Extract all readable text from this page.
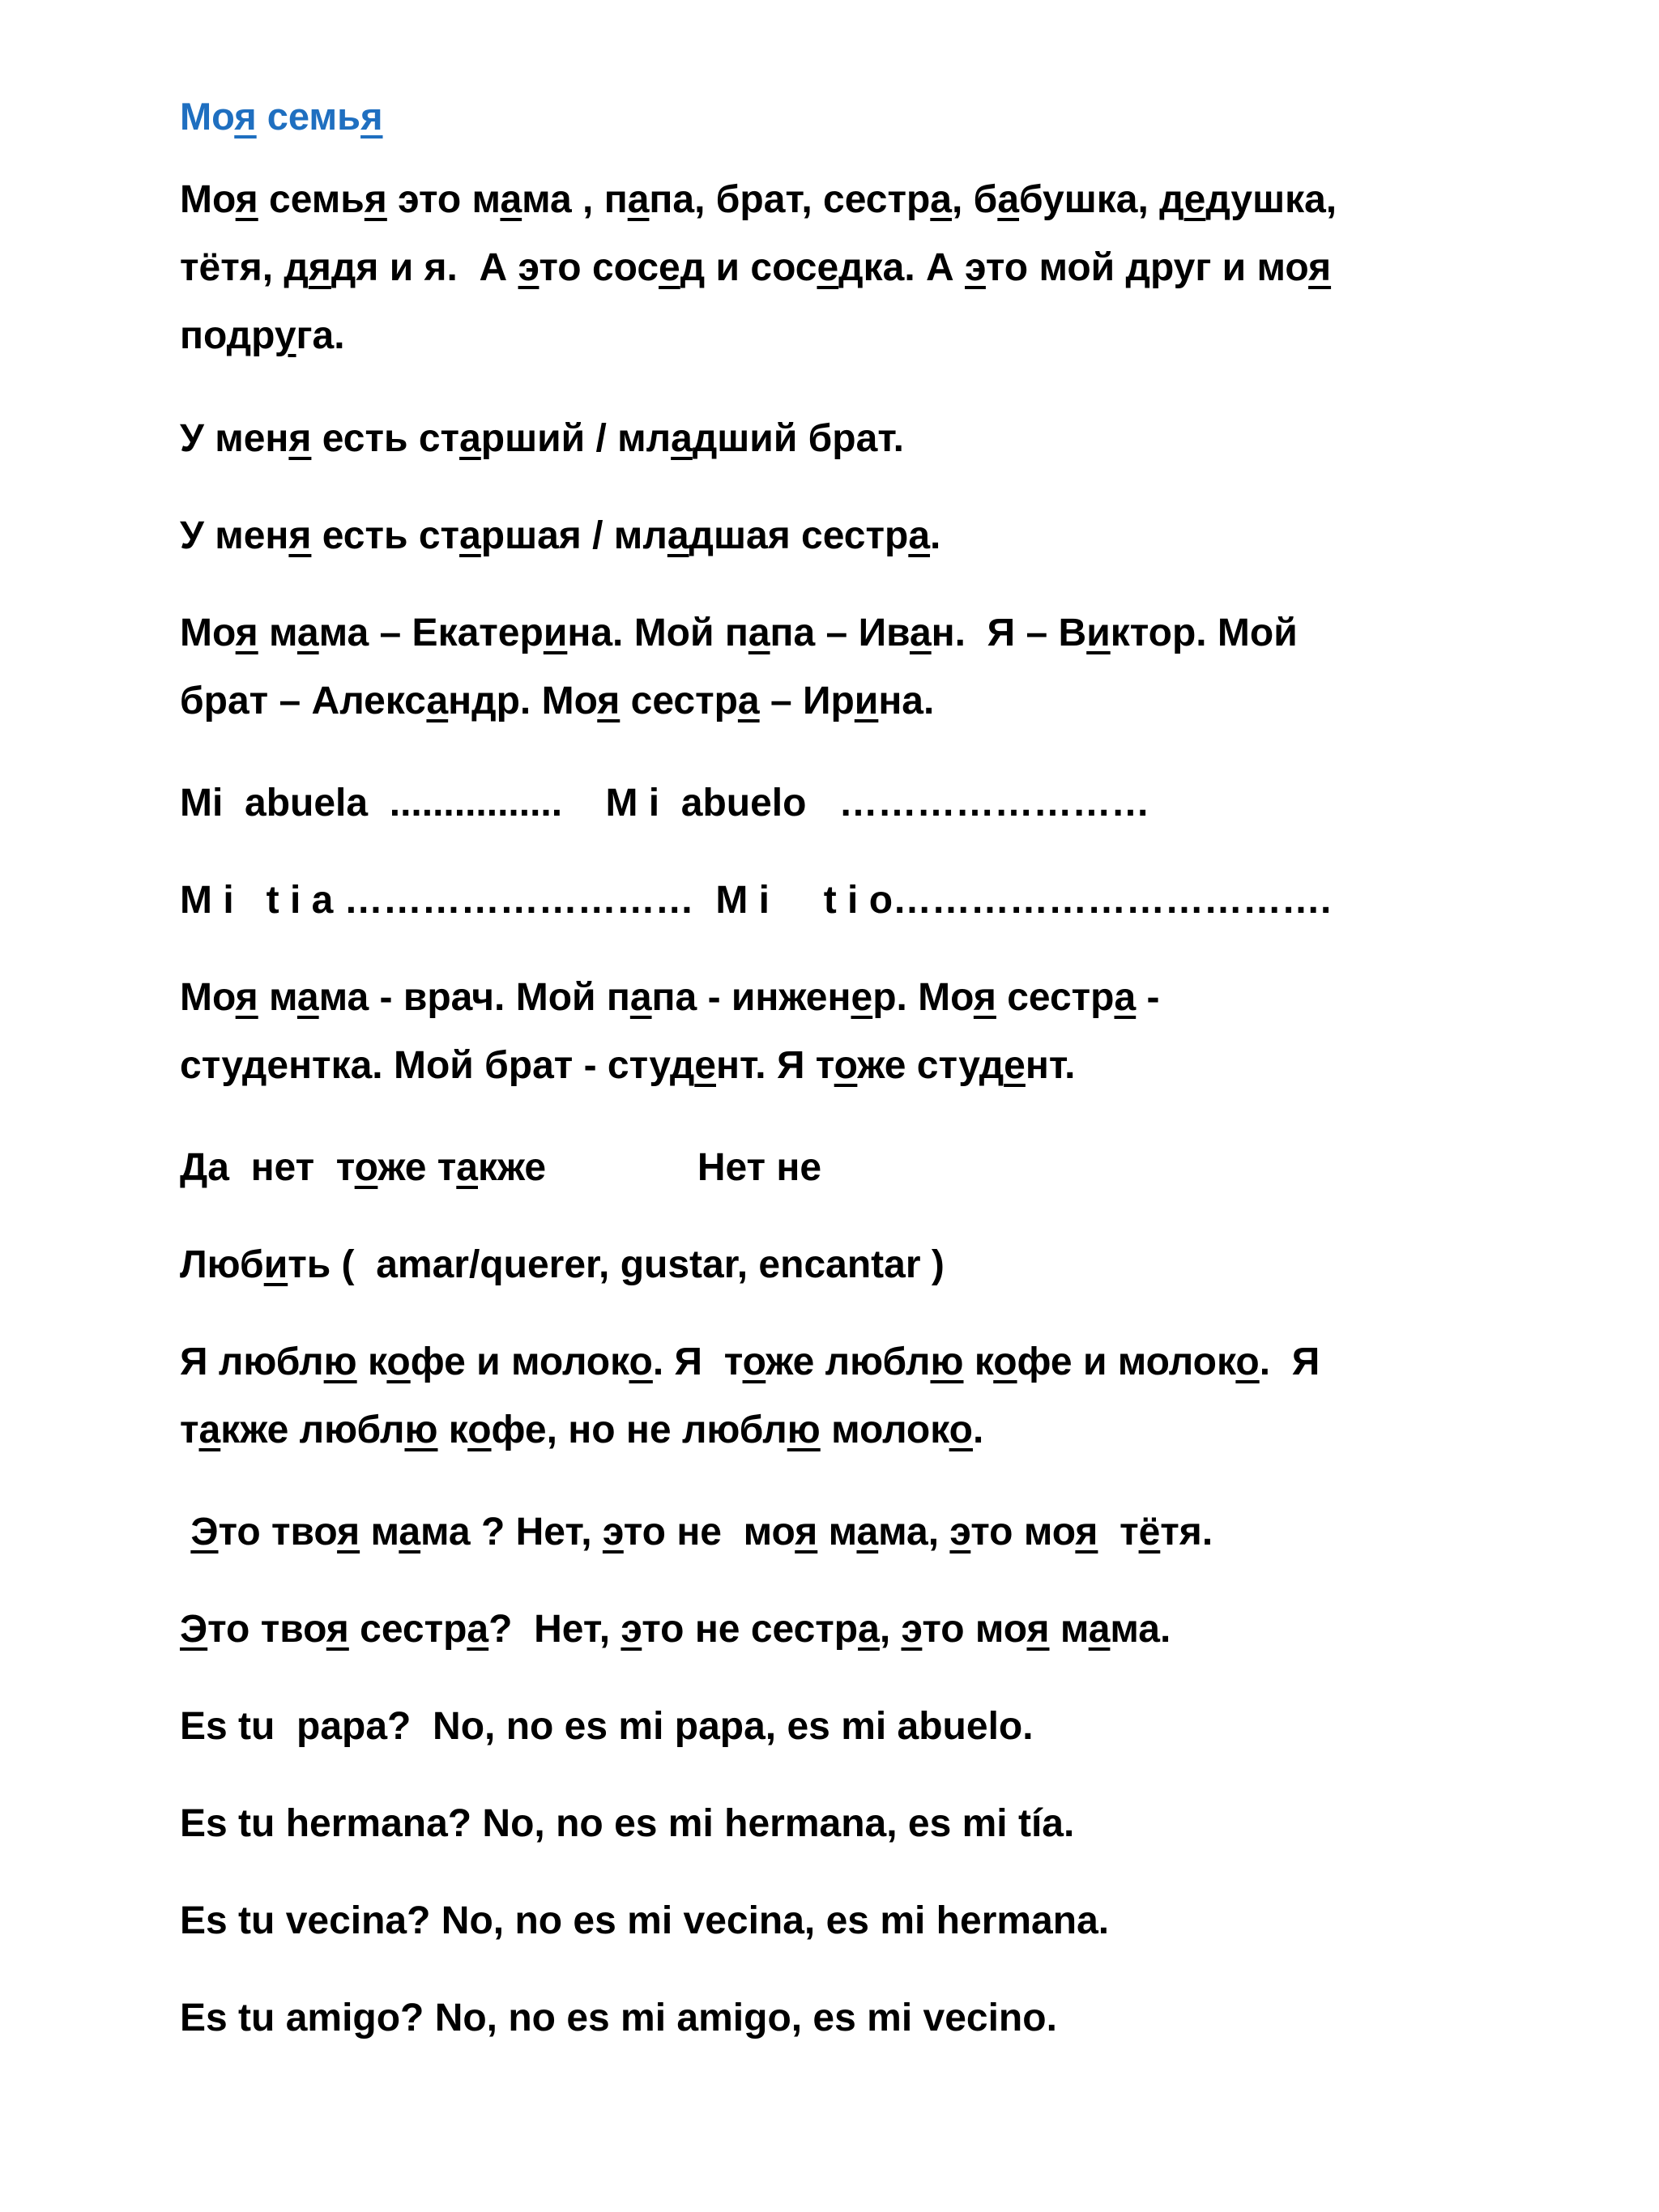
Моя семья
Моя семья это мама , папа, брат, сестра, бабушка, дедушка,
тётя, дядя и я.  А это сосед и соседка. А это мой друг и моя
подруга.
У меня есть старший / младший брат.
У меня есть старшая / младшая сестра.
Моя мама – Екатерина. Мой папа – Иван.  Я – Виктор. Мой
брат – Александр. Моя сестра – Ирина.
Mi  abuela  ................    M i  abuelo   ……………………
M i   t i a ………………………  M i     t i o…………………………….
Моя мама - врач. Мой папа - инженер. Моя сестра -
студентка. Мой брат - студент. Я тоже студент.
Да  нет  тоже также              Нет не
Любить (  amar/querer, gustar, encantar )
Я люблю кофе и молоко. Я  тоже люблю кофе и молоко.  Я
также люблю кофе, но не люблю молоко.
Это твоя мама ? Нет, это не  моя мама, это моя  тётя.
Это твоя сестра?  Нет, это не сестра, это моя мама.
Es tu  papa?  No, no es mi papa, es mi abuelo.
Es tu hermana? No, no es mi hermana, es mi tía.
Es tu vecina? No, no es mi vecina, es mi hermana.
Es tu amigo? No, no es mi amigo, es mi vecino.
